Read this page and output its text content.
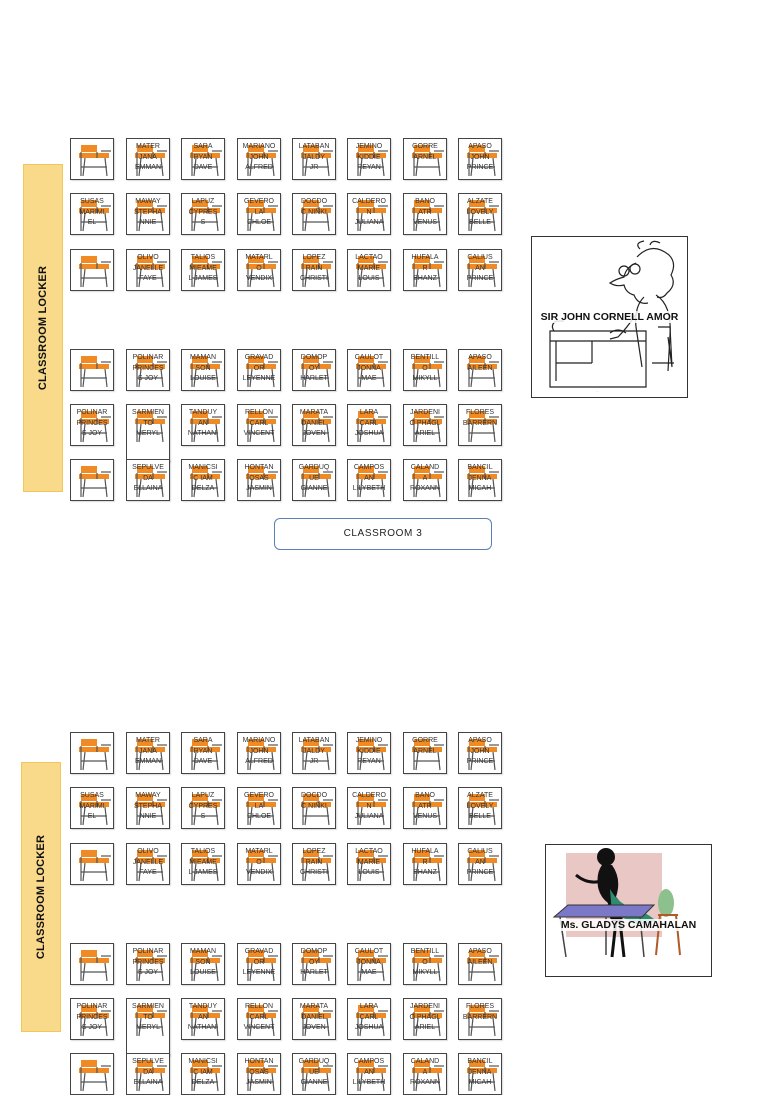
CLASSROOM LOCKER
MATER
JANA
EMMAN
SARA
RYAN
DAVE
MARIANO
JOHN
ALFRED
LATABAN
JALDY
JR
JEMINO
KIDDIE
REYAN
GORRE
ARNEL
APASO
JOHN
PRINCE
SUSAS
MARIMI
EL
MAWAY
STEPHA
NNIE
LAPUZ
CYPRES
S
GEVERO
LA
CHLOE
DOCDO
C NIÑKI
CALDERO
N
JULIANA
BANO
ATR
VENUS
ALZATE
LOVELY
BELLE
OLIVO
JANELLE
FAYE
TALIOS
MIEAME
L JAMES
MATARL
O
VENDIX
LOPEZ
RAIN
CHRISTI
LACTAO
MARIE
LOUIS
HUFALA
R
BHANZ
CALIUS
AN
PRINCE
POLINAR
PRINCES
S JOY
MAMAN
SON
LOUISE
GRAVAD
OR
LEYENNE
DOMOP
OY
HARLET
CAULOT
JONNA
MAE
BENTILL
O
MIKYLL
APASO
AILEEN
POLINAR
PRINCES
S JOY
SARMIEN
TO
MERYL
TANDUY
AN
NATHANI
RELLON
CARL
VINCENT
MARATA
DANIEL
JOVEN
LARA
CARL
JOSHUA
JARDENI
O PHAGL
ARIEL
FLORES
BARRERN
SEPULVE
DA
ELLAINA
MANICSI
C IAM
DELZA
HONTAN
OSAS
JASMIN
GARDUQ
UE
GIANNE
CAMPOS
AN
LILYBETH
CALAND
A
ROXANN
BANCIL
JENNA
MICAH
CLASSROOM 3
...
SIR JOHN CORNELL AMOR
CLASSROOM LOCKER
MATER
JANA
EMMAN
SARA
RYAN
DAVE
MARIANO
JOHN
ALFRED
LATABAN
JALDY
JR
JEMINO
KIDDIE
REYAN
GORRE
ARNEL
APASO
JOHN
PRINCE
SUSAS
MARIMI
EL
MAWAY
STEPHA
NNIE
LAPUZ
CYPRES
S
GEVERO
LA
CHLOE
DOCDO
C NIÑKI
CALDERO
N
JULIANA
BANO
ATR
VENUS
ALZATE
LOVELY
BELLE
OLIVO
JANELLE
FAYE
TALIOS
MIEAME
L JAMES
MATARL
O
VENDIX
LOPEZ
RAIN
CHRISTI
LACTAO
MARIE
LOUIS
HUFALA
R
BHANZ
CALIUS
AN
PRINCE
POLINAR
PRINCES
S JOY
MAMAN
SON
LOUISE
GRAVAD
OR
LEYENNE
DOMOP
OY
HARLET
CAULOT
JONNA
MAE
BENTILL
O
MIKYLL
APASO
AILEEN
POLINAR
PRINCES
S JOY
SARMIEN
TO
MERYL
TANDUY
AN
NATHANI
RELLON
CARL
VINCENT
MARATA
DANIEL
JOVEN
LARA
CARL
JOSHUA
JARDENI
O PHAGL
ARIEL
FLORES
BARRERN
SEPULVE
DA
ELLAINA
MANICSI
C IAM
DELZA
HONTAN
OSAS
JASMIN
GARDUQ
UE
GIANNE
CAMPOS
AN
LILYBETH
CALAND
A
ROXANN
BANCIL
JENNA
MICAH
Ms. GLADYS CAMAHALAN
